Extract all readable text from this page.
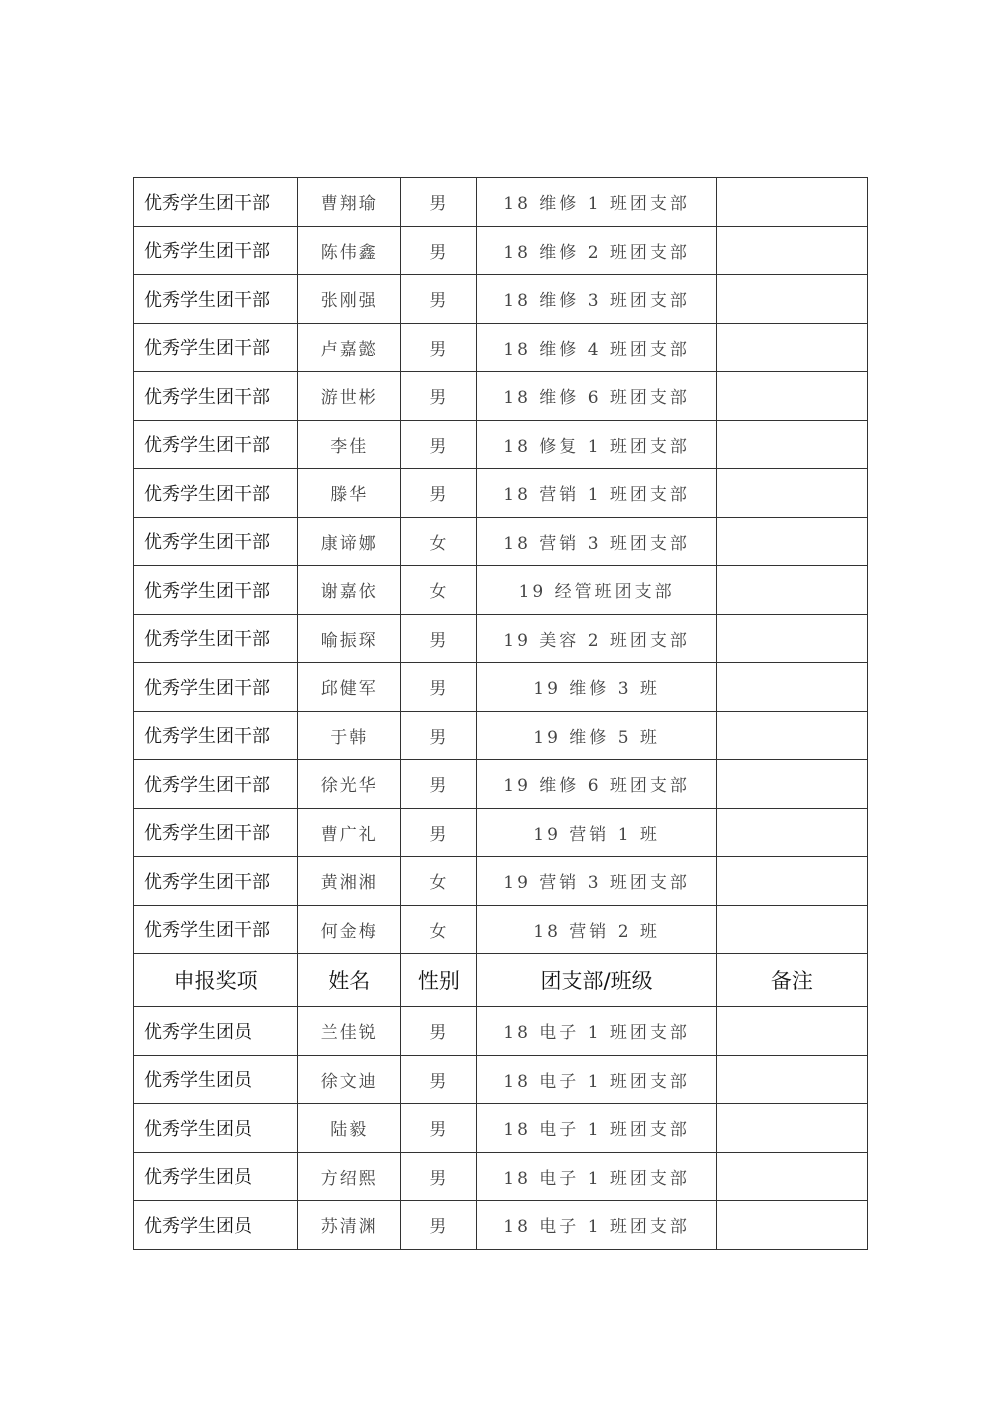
优秀学生团干部	曹翔瑜	男	18 维修 1 班团支部	
优秀学生团干部	陈伟鑫	男	18 维修 2 班团支部	
优秀学生团干部	张刚强	男	18 维修 3 班团支部	
优秀学生团干部	卢嘉懿	男	18 维修 4 班团支部	
优秀学生团干部	游世彬	男	18 维修 6 班团支部	
优秀学生团干部	李佳	男	18 修复 1 班团支部	
优秀学生团干部	滕华	男	18 营销 1 班团支部	
优秀学生团干部	康谛娜	女	18 营销 3 班团支部	
优秀学生团干部	谢嘉依	女	19 经管班团支部	
优秀学生团干部	喻振琛	男	19 美容 2 班团支部	
优秀学生团干部	邱健军	男	19 维修 3 班	
优秀学生团干部	于韩	男	19 维修 5 班	
优秀学生团干部	徐光华	男	19 维修 6 班团支部	
优秀学生团干部	曹广礼	男	19 营销 1 班	
优秀学生团干部	黄湘湘	女	19 营销 3 班团支部	
优秀学生团干部	何金梅	女	18 营销 2 班	
申报奖项	姓名	性别	团支部/班级	备注
优秀学生团员	兰佳锐	男	18 电子 1 班团支部	
优秀学生团员	徐文迪	男	18 电子 1 班团支部	
优秀学生团员	陆毅	男	18 电子 1 班团支部	
优秀学生团员	方绍熙	男	18 电子 1 班团支部	
优秀学生团员	苏清渊	男	18 电子 1 班团支部	
